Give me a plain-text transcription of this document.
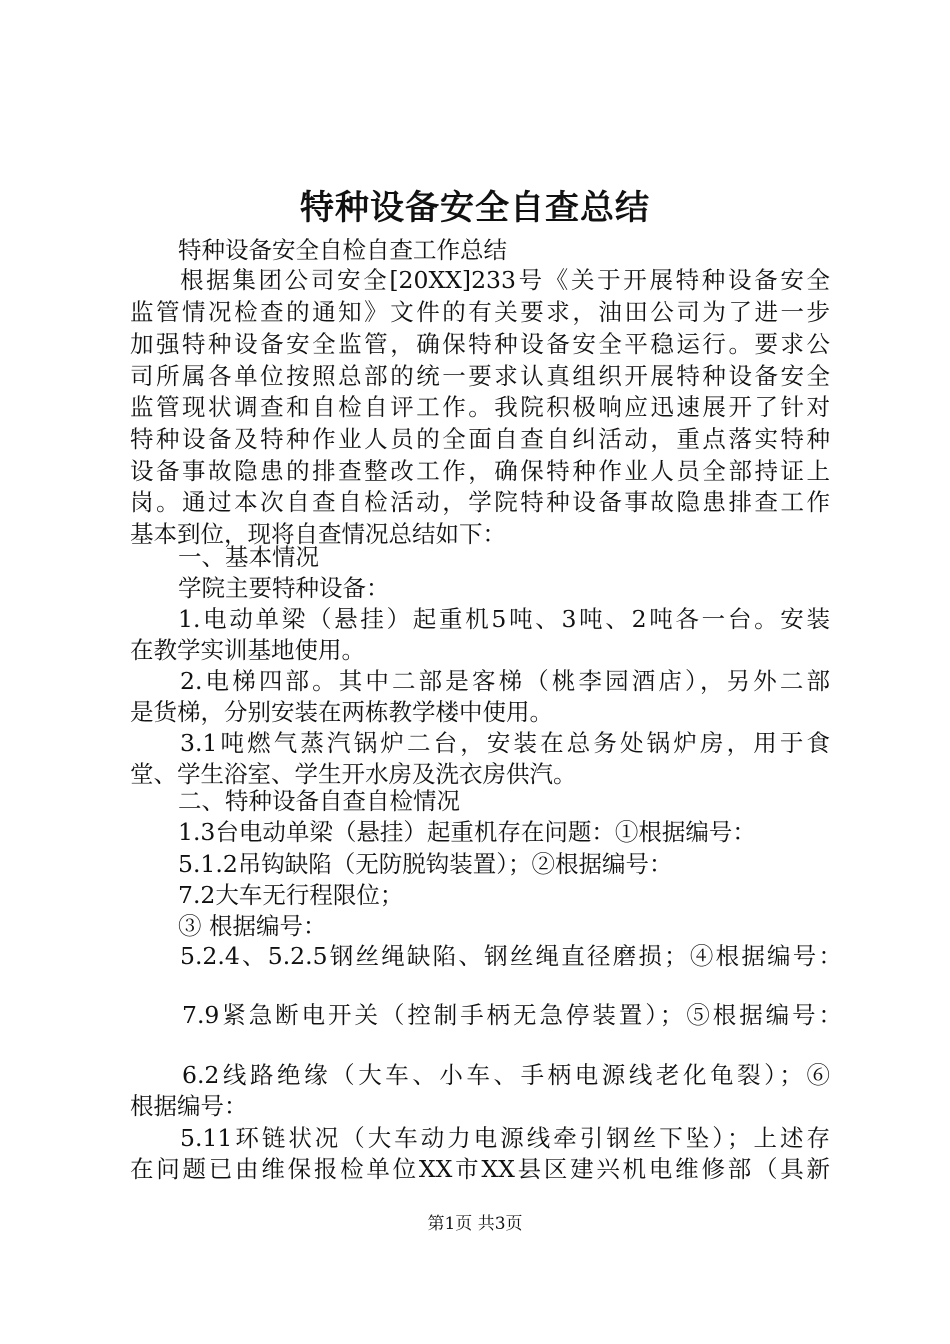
特种设备安全自查总结
特种设备安全自检自查工作总结
根据集团公司安全[20XX]233号《关于开展特种设备安全
监管情况检查的通知》文件的有关要求，油田公司为了进一步
加强特种设备安全监管，确保特种设备安全平稳运行。要求公
司所属各单位按照总部的统一要求认真组织开展特种设备安全
监管现状调查和自检自评工作。我院积极响应迅速展开了针对
特种设备及特种作业人员的全面自查自纠活动，重点落实特种
设备事故隐患的排查整改工作，确保特种作业人员全部持证上
岗。通过本次自查自检活动，学院特种设备事故隐患排查工作
基本到位，现将自查情况总结如下：
一、基本情况
学院主要特种设备：
1.电动单梁（悬挂）起重机5吨、3吨、2吨各一台。安装
在教学实训基地使用。
2.电梯四部。其中二部是客梯（桃李园酒店），另外二部
是货梯，分别安装在两栋教学楼中使用。
3.1吨燃气蒸汽锅炉二台，安装在总务处锅炉房，用于食
堂、学生浴室、学生开水房及洗衣房供汽。
二、特种设备自查自检情况
1.3台电动单梁（悬挂）起重机存在问题：①根据编号：
5.1.2吊钩缺陷（无防脱钩装置）；②根据编号：
7.2大车无行程限位；
③ 根据编号：
5.2.4、5.2.5钢丝绳缺陷、钢丝绳直径磨损；④根据编号：
7.9紧急断电开关（控制手柄无急停装置）；⑤根据编号：
6.2线路绝缘（大车、小车、手柄电源线老化龟裂）；⑥
根据编号：
5.11环链状况（大车动力电源线牵引钢丝下坠）；上述存
在问题已由维保报检单位XX市XX县区建兴机电维修部（具新
第1页 共3页
